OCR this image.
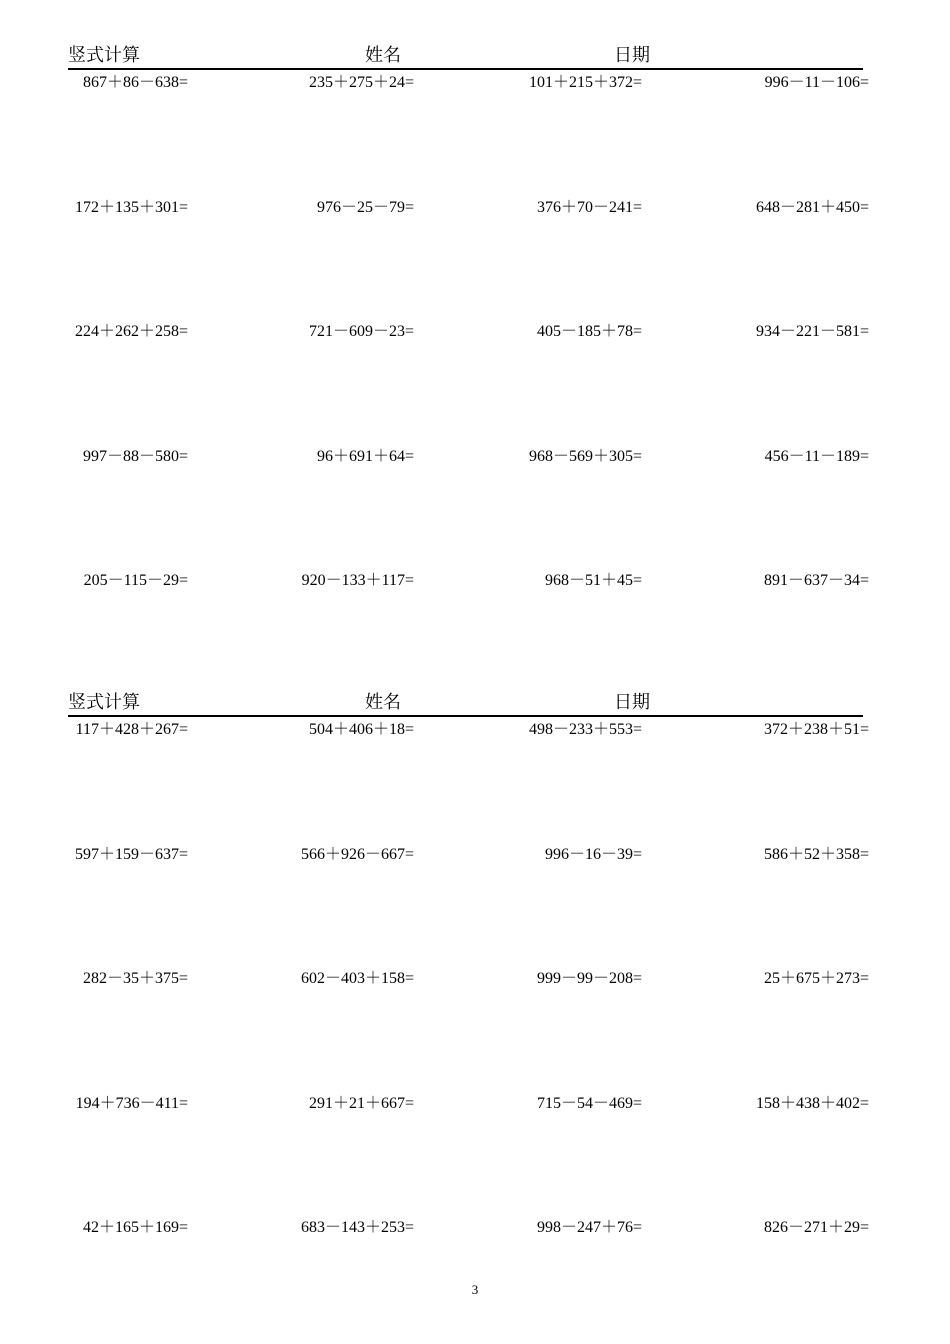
竖式计算	姓名	日期
867＋86－638=	235＋275＋24=	101＋215＋372=	996－11－106=
172＋135＋301=	976－25－79=	376＋70－241=	648－281＋450=
224＋262＋258=	721－609－23=	405－185＋78=	934－221－581=
997－88－580=	96＋691＋64=	968－569＋305=	456－11－189=
205－115－29=	920－133＋117=	968－51＋45=	891－637－34=
竖式计算	姓名	日期
117＋428＋267=	504＋406＋18=	498－233＋553=	372＋238＋51=
597＋159－637=	566＋926－667=	996－16－39=	586＋52＋358=
282－35＋375=	602－403＋158=	999－99－208=	25＋675＋273=
194＋736－411=	291＋21＋667=	715－54－469=	158＋438＋402=
42＋165＋169=	683－143＋253=	998－247＋76=	826－271＋29=
3
